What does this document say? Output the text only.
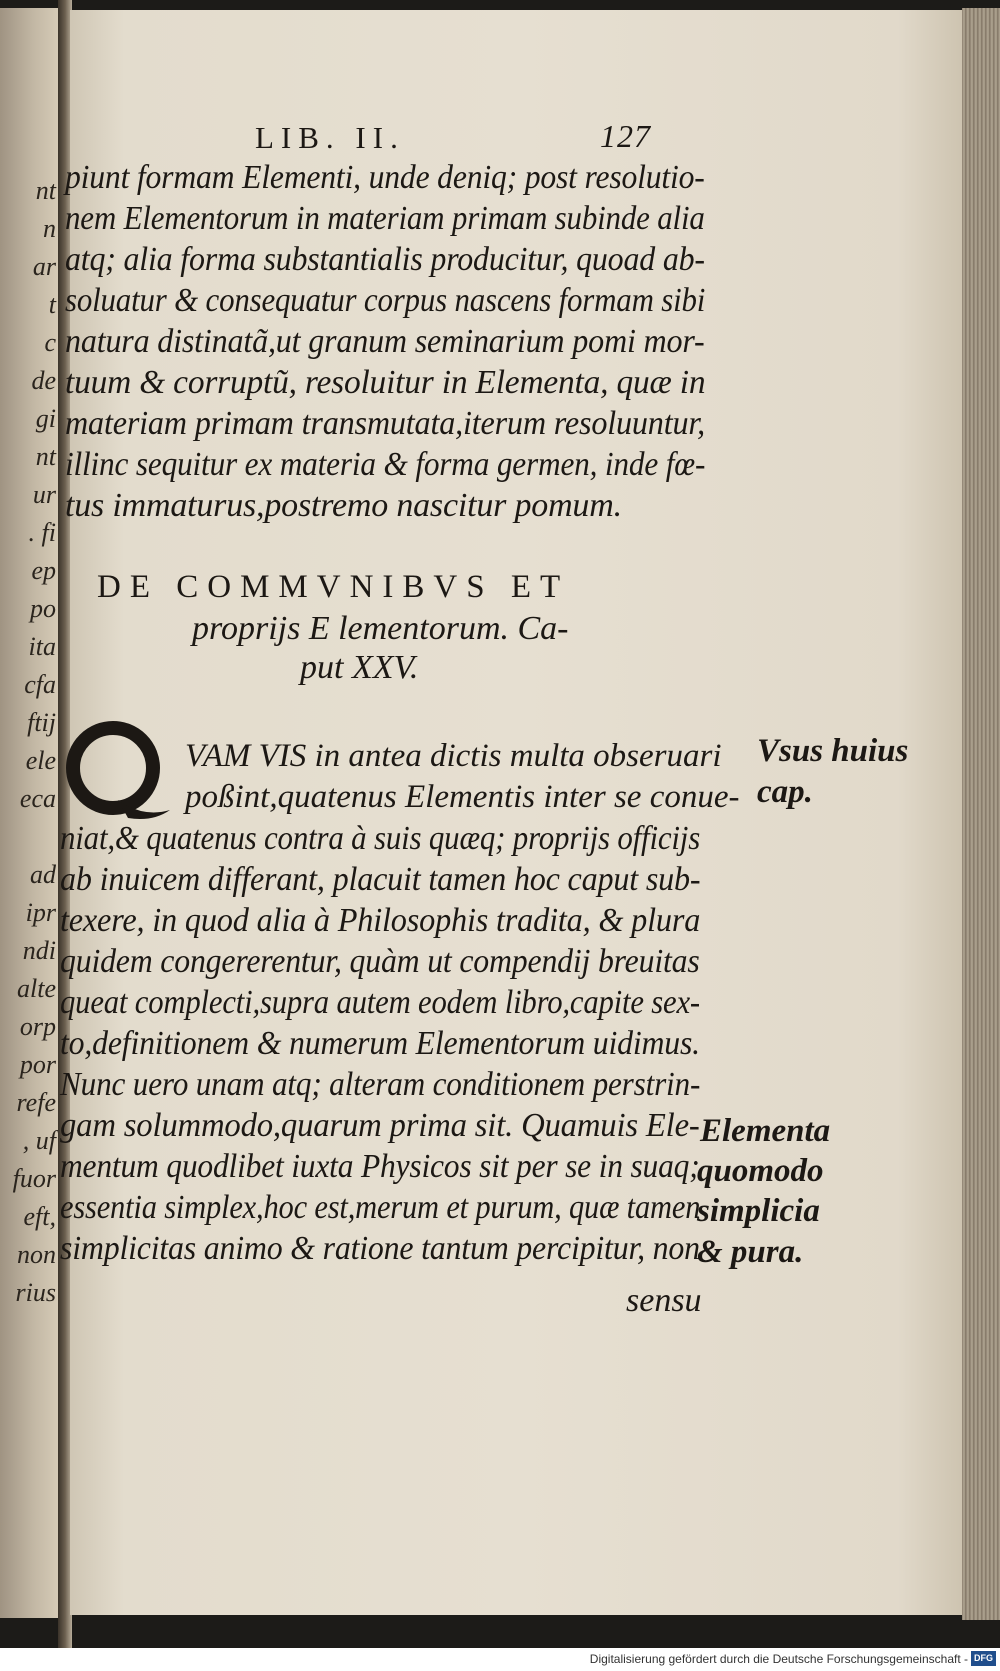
nt
n
ar
t
c
de
gi
nt
ur
. fi
ep
po
ita
cfa
ftij
ele
eca
ad
ipr
ndi
alte
orp
por
refe
, uf
fuor
eft,
non
rius
LIB. II.	127
piunt formam Elementi, unde deniq; post resolutio-
nem Elementorum in materiam primam subinde alia
atq; alia forma substantialis producitur, quoad ab-
soluatur & consequatur corpus nascens formam sibi
natura distinatã,ut granum seminarium pomi mor-
tuum & corruptũ, resoluitur in Elementa, quæ in
materiam primam transmutata,iterum resoluuntur,
illinc sequitur ex materia & forma germen, inde fœ-
tus immaturus,postremo nascitur pomum.
DE COMMVNIBVS ET
proprijs E lementorum. Ca-
put XXV.
VAM VIS in antea dictis multa obseruari
poßint,quatenus Elementis inter se conue-
niat,& quatenus contra à suis quæq; proprijs officijs
ab inuicem differant, placuit tamen hoc caput sub-
texere, in quod alia à Philosophis tradita, & plura
quidem congererentur, quàm ut compendij breuitas
queat complecti,supra autem eodem libro,capite sex-
to,definitionem & numerum Elementorum uidimus.
Nunc uero unam atq; alteram conditionem perstrin-
gam solummodo,quarum prima sit. Quamuis Ele-
mentum quodlibet iuxta Physicos sit per se in suaq;
essentia simplex,hoc est,merum et purum, quæ tamen
simplicitas animo & ratione tantum percipitur, non
sensu
Vsus huius
cap.
Elementa
quomodo
simplicia
& pura.
Digitalisierung gefördert durch die Deutsche Forschungsgemeinschaft - DFG
